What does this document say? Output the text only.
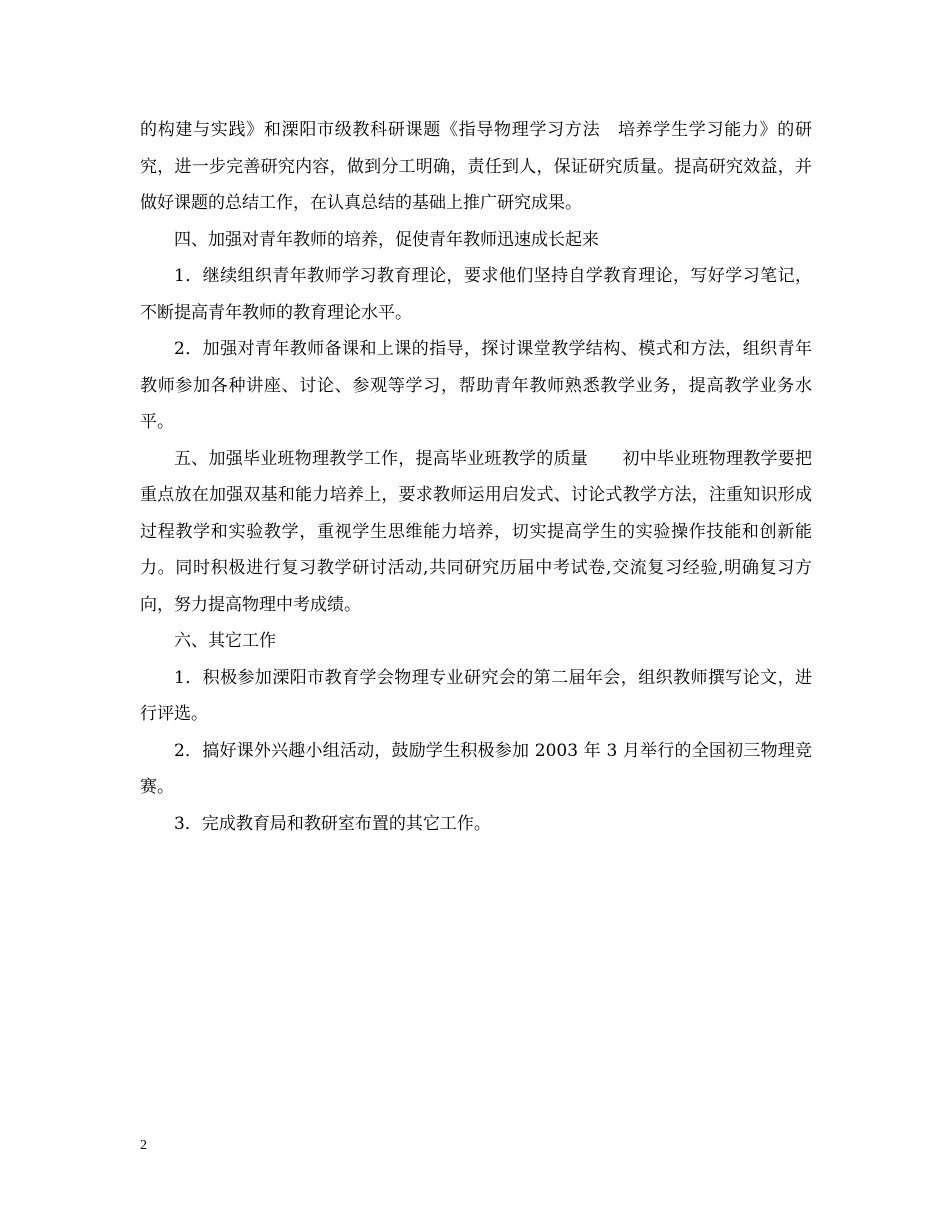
的构建与实践》和溧阳市级教科研课题《指导物理学习方法　培养学生学习能力》的研究，进一步完善研究内容，做到分工明确，责任到人，保证研究质量。提高研究效益，并做好课题的总结工作，在认真总结的基础上推广研究成果。

四、加强对青年教师的培养，促使青年教师迅速成长起来

1．继续组织青年教师学习教育理论，要求他们坚持自学教育理论，写好学习笔记，不断提高青年教师的教育理论水平。

2．加强对青年教师备课和上课的指导，探讨课堂教学结构、模式和方法，组织青年教师参加各种讲座、讨论、参观等学习，帮助青年教师熟悉教学业务，提高教学业务水平。

五、加强毕业班物理教学工作，提高毕业班教学的质量　　初中毕业班物理教学要把重点放在加强双基和能力培养上，要求教师运用启发式、讨论式教学方法，注重知识形成过程教学和实验教学，重视学生思维能力培养，切实提高学生的实验操作技能和创新能力。同时积极进行复习教学研讨活动,共同研究历届中考试卷,交流复习经验,明确复习方向，努力提高物理中考成绩。

六、其它工作

1．积极参加溧阳市教育学会物理专业研究会的第二届年会，组织教师撰写论文，进行评选。

2．搞好课外兴趣小组活动，鼓励学生积极参加 2003 年 3 月举行的全国初三物理竞赛。

3．完成教育局和教研室布置的其它工作。

2
